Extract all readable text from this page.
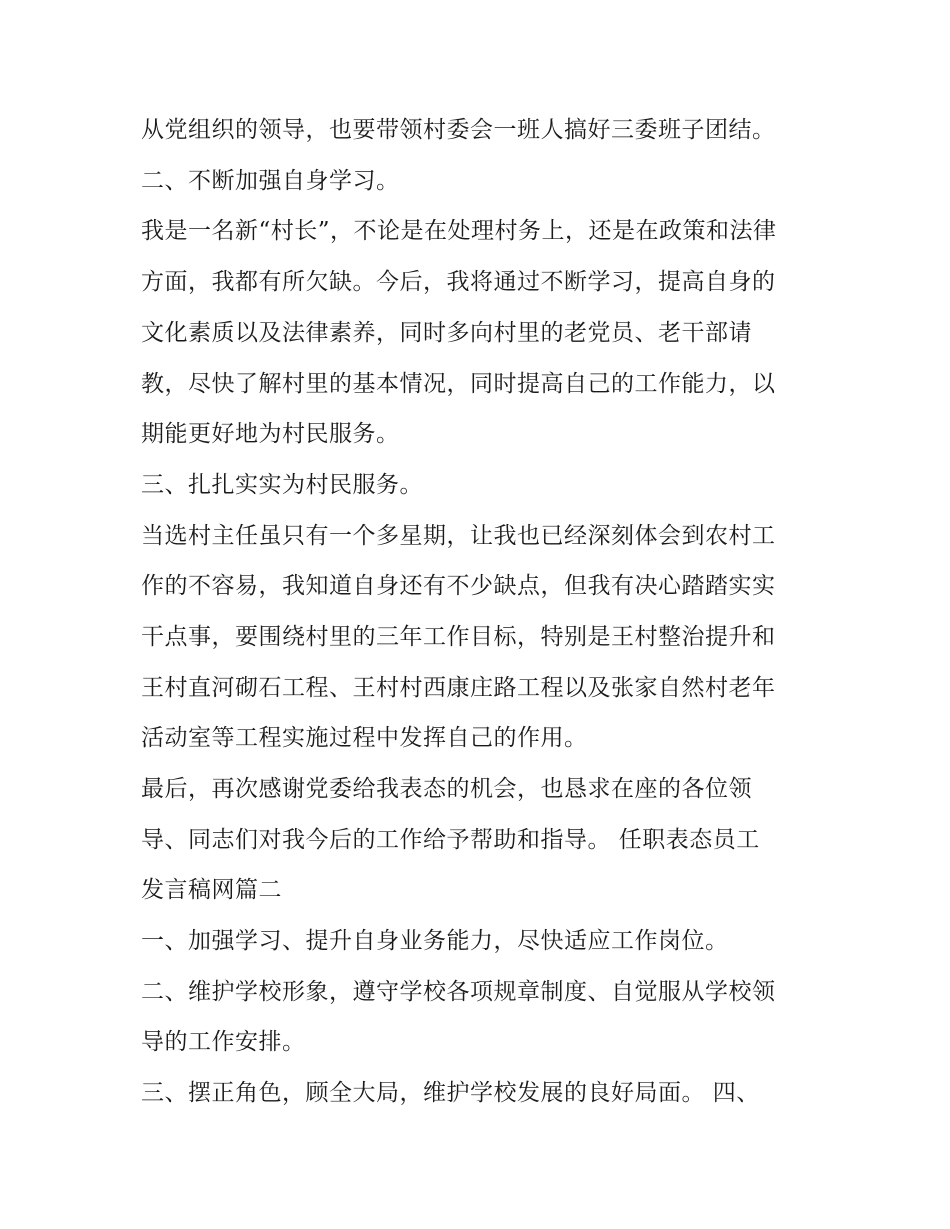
从党组织的领导，也要带领村委会一班人搞好三委班子团结。
二、不断加强自身学习。
我是一名新“村长”，不论是在处理村务上，还是在政策和法律
方面，我都有所欠缺。今后，我将通过不断学习，提高自身的
文化素质以及法律素养，同时多向村里的老党员、老干部请
教，尽快了解村里的基本情况，同时提高自己的工作能力，以
期能更好地为村民服务。
三、扎扎实实为村民服务。
当选村主任虽只有一个多星期，让我也已经深刻体会到农村工
作的不容易，我知道自身还有不少缺点，但我有决心踏踏实实
干点事，要围绕村里的三年工作目标，特别是王村整治提升和
王村直河砌石工程、王村村西康庄路工程以及张家自然村老年
活动室等工程实施过程中发挥自己的作用。
最后，再次感谢党委给我表态的机会，也恳求在座的各位领
导、同志们对我今后的工作给予帮助和指导。 任职表态员工
发言稿网篇二
一、加强学习、提升自身业务能力，尽快适应工作岗位。
二、维护学校形象，遵守学校各项规章制度、自觉服从学校领
导的工作安排。
三、摆正角色，顾全大局，维护学校发展的良好局面。 四、
